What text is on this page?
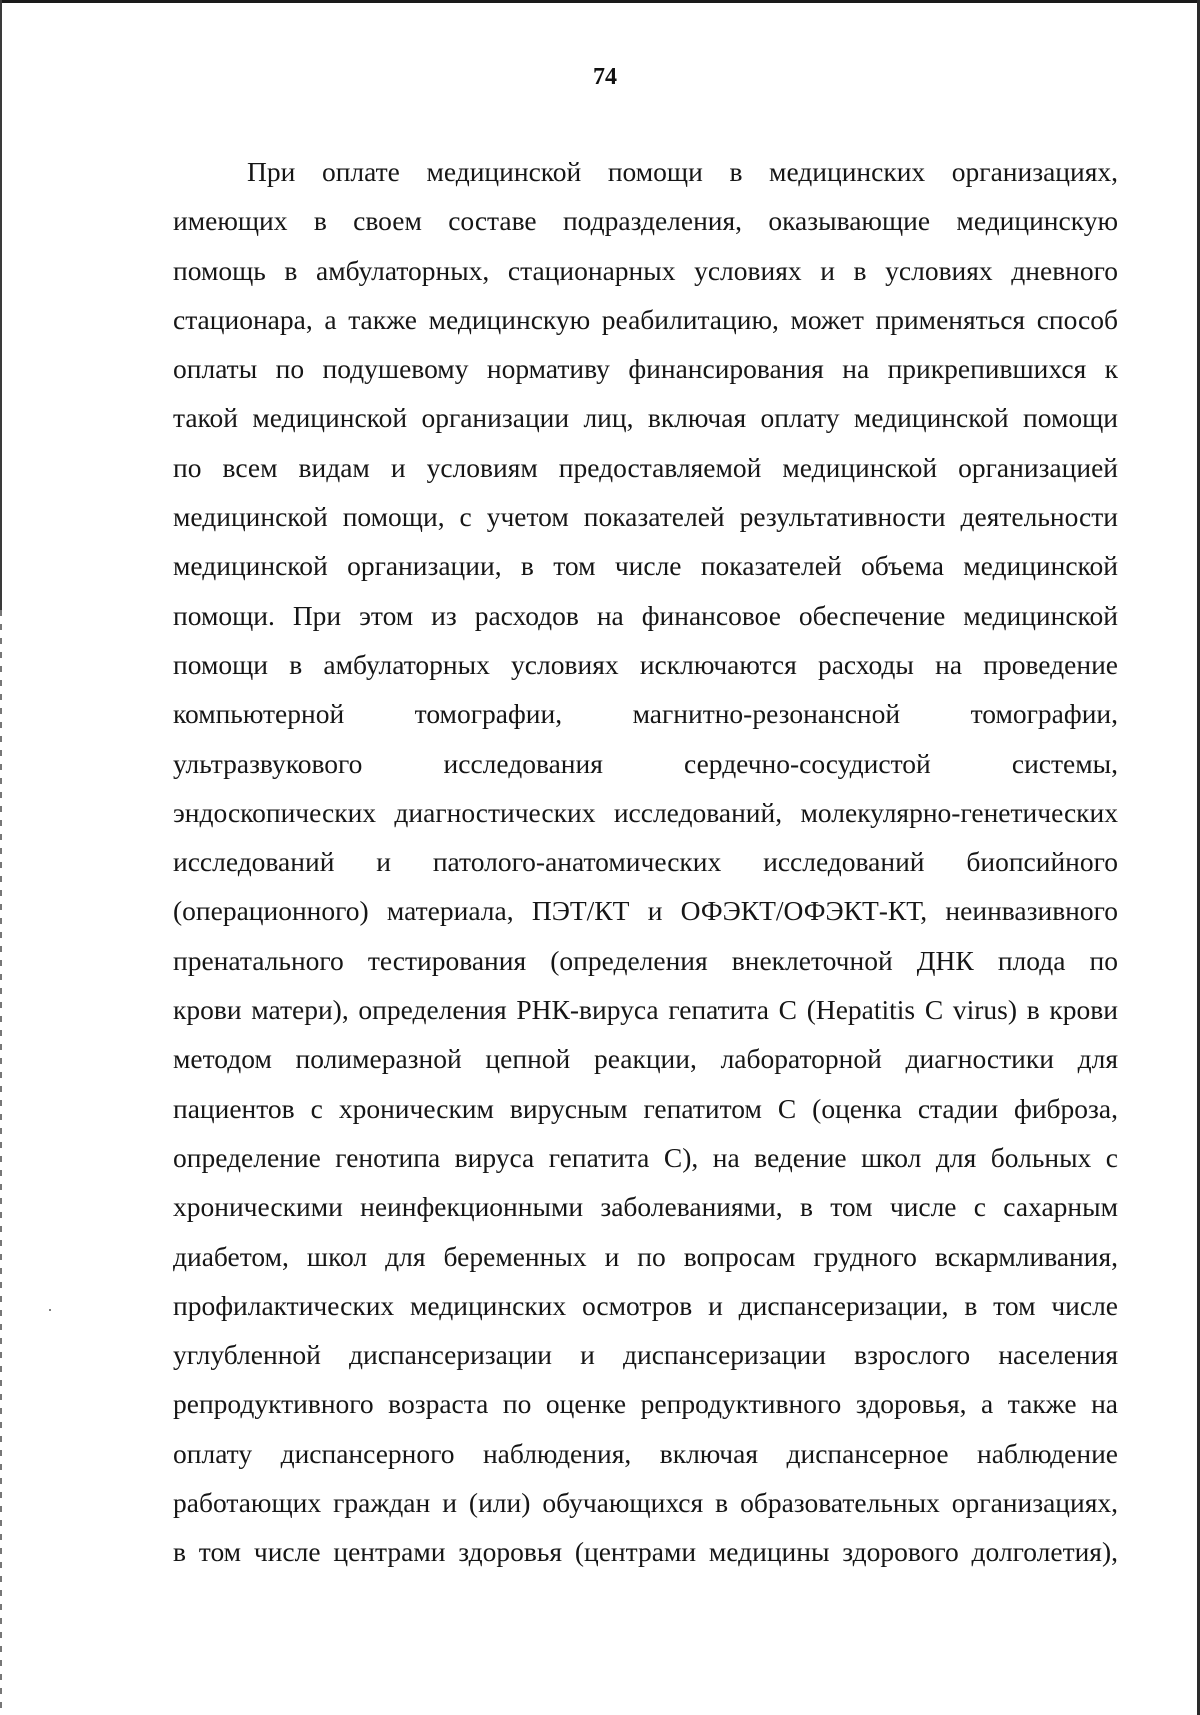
74
При оплате медицинской помощи в медицинских организациях,
имеющих в своем составе подразделения, оказывающие медицинскую
помощь в амбулаторных, стационарных условиях и в условиях дневного
стационара, а также медицинскую реабилитацию, может применяться способ
оплаты по подушевому нормативу финансирования на прикрепившихся к
такой медицинской организации лиц, включая оплату медицинской помощи
по всем видам и условиям предоставляемой медицинской организацией
медицинской помощи, с учетом показателей результативности деятельности
медицинской организации, в том числе показателей объема медицинской
помощи. При этом из расходов на финансовое обеспечение медицинской
помощи в амбулаторных условиях исключаются расходы на проведение
компьютерной томографии, магнитно-резонансной томографии,
ультразвукового исследования сердечно-сосудистой системы,
эндоскопических диагностических исследований, молекулярно-генетических
исследований и патолого-анатомических исследований биопсийного
(операционного) материала, ПЭТ/КТ и ОФЭКТ/ОФЭКТ-КТ, неинвазивного
пренатального тестирования (определения внеклеточной ДНК плода по
крови матери), определения РНК-вируса гепатита С (Hepatitis C virus) в крови
методом полимеразной цепной реакции, лабораторной диагностики для
пациентов с хроническим вирусным гепатитом С (оценка стадии фиброза,
определение генотипа вируса гепатита С), на ведение школ для больных с
хроническими неинфекционными заболеваниями, в том числе с сахарным
диабетом, школ для беременных и по вопросам грудного вскармливания,
профилактических медицинских осмотров и диспансеризации, в том числе
углубленной диспансеризации и диспансеризации взрослого населения
репродуктивного возраста по оценке репродуктивного здоровья, а также на
оплату диспансерного наблюдения, включая диспансерное наблюдение
работающих граждан и (или) обучающихся в образовательных организациях,
в том числе центрами здоровья (центрами медицины здорового долголетия),
